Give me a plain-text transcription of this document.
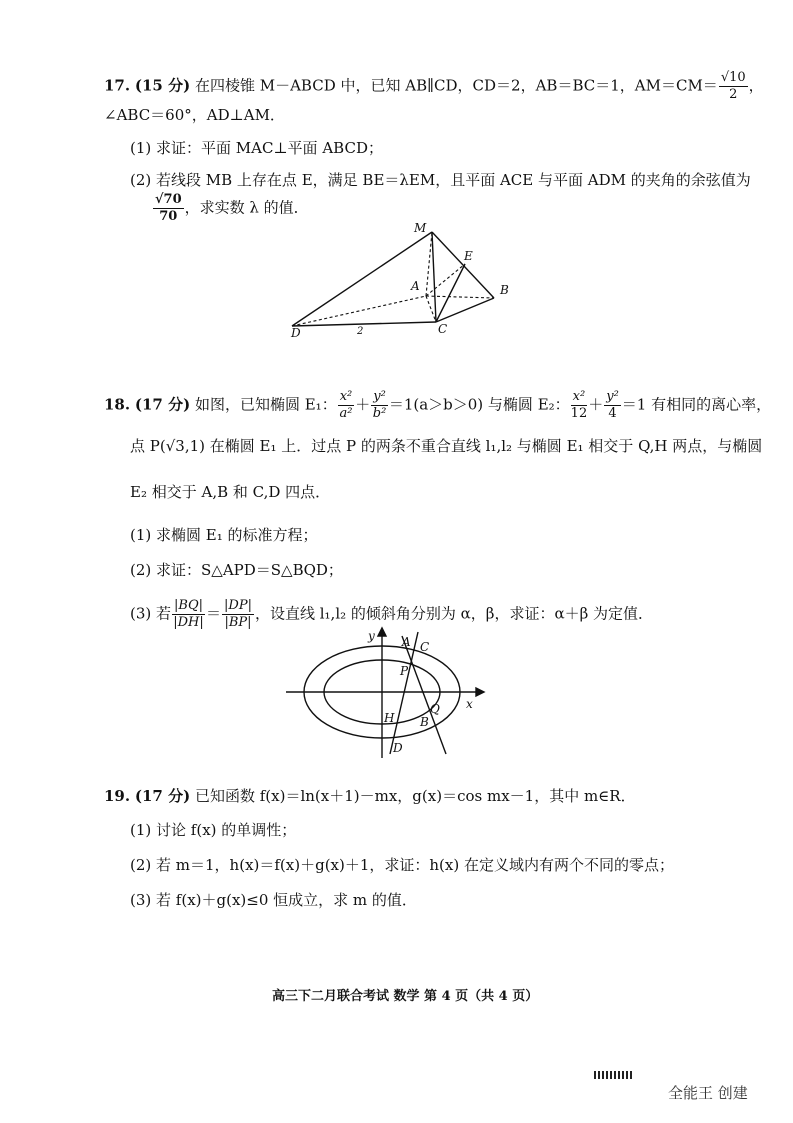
17. (15 分) 在四棱锥 M－ABCD 中，已知 AB∥CD，CD＝2，AB＝BC＝1，$AM=CM= \frac{√10}{2}$ ，
∠ABC＝60°，AD⊥AM．
(1) 求证：平面 MAC⊥平面 ABCD；
(2) 若线段 MB 上存在点 E，满足 BE＝λEM，且平面 ACE 与平面 ADM 的夹角的余弦值为
$\frac{√70}{70}$ ，求实数 λ 的值．
M
E
A	B
D	C
2
18. (17 分) 如图，已知椭圆 E₁： $\frac{\text{x²}}{\text{a²}} + \frac{\text{y²}}{\text{b²}} =1(a>b>0)$ 与椭圆 E₂： $\frac{\text{x²}}{12} + \frac{\text{y²}}{4} =1$ 有相同的离心率，
点 P(√3,1) 在椭圆 E₁ 上．过点 P 的两条不重合直线 l₁,l₂ 与椭圆 E₁ 相交于 Q,H 两点，与椭圆
E₂ 相交于 A,B 和 C,D 四点．
(1) 求椭圆 E₁ 的标准方程；
(2) 求证：S△APD＝S△BQD；
(3) 若 $\frac{|BQ|}{|DH|} = \frac{|DP|}{|BP|}$ ，设直线 l₁,l₂ 的倾斜角分别为 α，β，求证：α＋β 为定值．
y
x
A C
P
Q
H B
D
19. (17 分) 已知函数 f(x)＝ln(x＋1)－mx，g(x)＝cos mx－1，其中 m∈R．
(1) 讨论 f(x) 的单调性；
(2) 若 m＝1，h(x)＝f(x)＋g(x)＋1，求证：h(x) 在定义域内有两个不同的零点；
(3) 若 f(x)＋g(x)≤0 恒成立，求 m 的值．
高三下二月联合考试 数学 第 4 页（共 4 页）
全能王 创建
